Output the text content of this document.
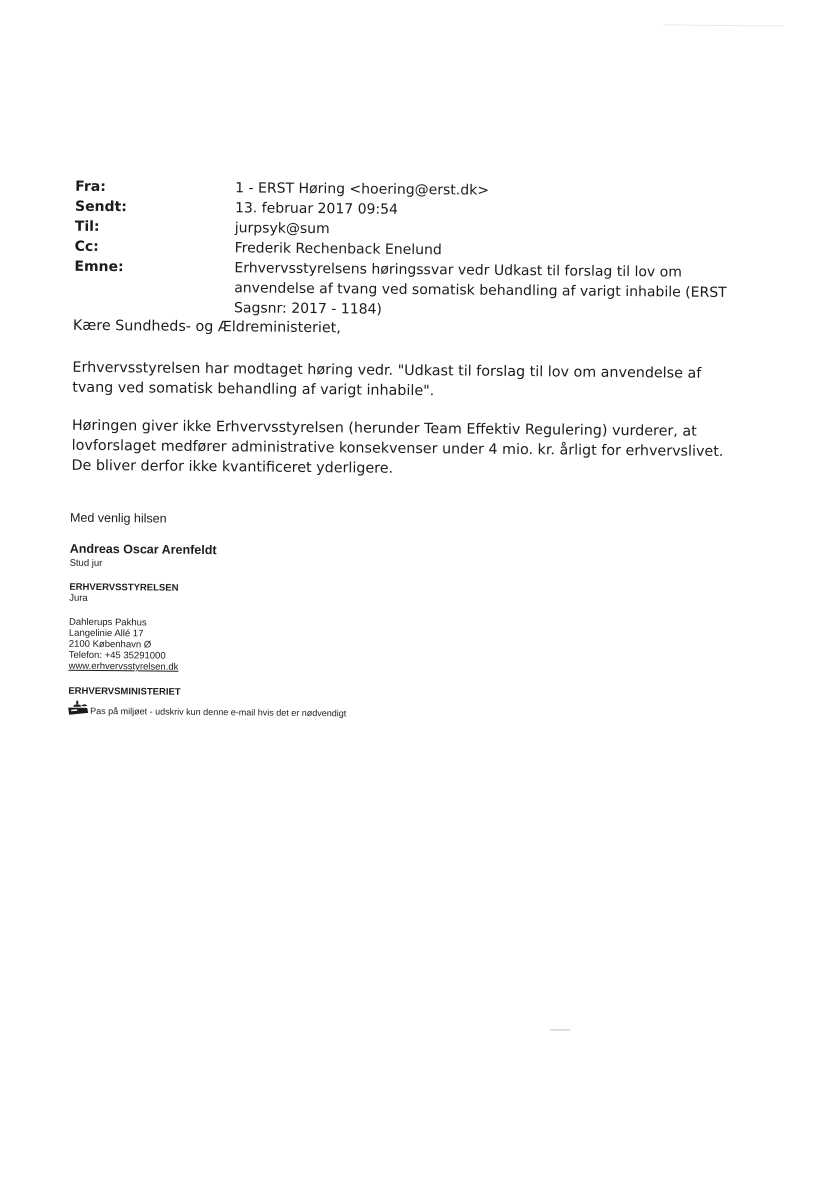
Fra:	1 - ERST Høring <hoering@erst.dk>
Sendt:	13. februar 2017 09:54
Til:	jurpsyk@sum
Cc:	Frederik Rechenback Enelund
Emne:	Erhvervsstyrelsens høringssvar vedr Udkast til forslag til lov om anvendelse af tvang ved somatisk behandling af varigt inhabile (ERST Sagsnr: 2017 - 1184)
Kære Sundheds- og Ældreministeriet,
Erhvervsstyrelsen har modtaget høring vedr. "Udkast til forslag til lov om anvendelse af tvang ved somatisk behandling af varigt inhabile".
Høringen giver ikke Erhvervsstyrelsen (herunder Team Effektiv Regulering) vurderer, at lovforslaget medfører administrative konsekvenser under 4 mio. kr. årligt for erhvervslivet. De bliver derfor ikke kvantificeret yderligere.
Med venlig hilsen
Andreas Oscar Arenfeldt
Stud jur
ERHVERVSSTYRELSEN
Jura
Dahlerups Pakhus
Langelinie Allé 17
2100 København Ø
Telefon: +45 35291000
www.erhvervsstyrelsen.dk
ERHVERVSMINISTERIET
Pas på miljøet - udskriv kun denne e-mail hvis det er nødvendigt
